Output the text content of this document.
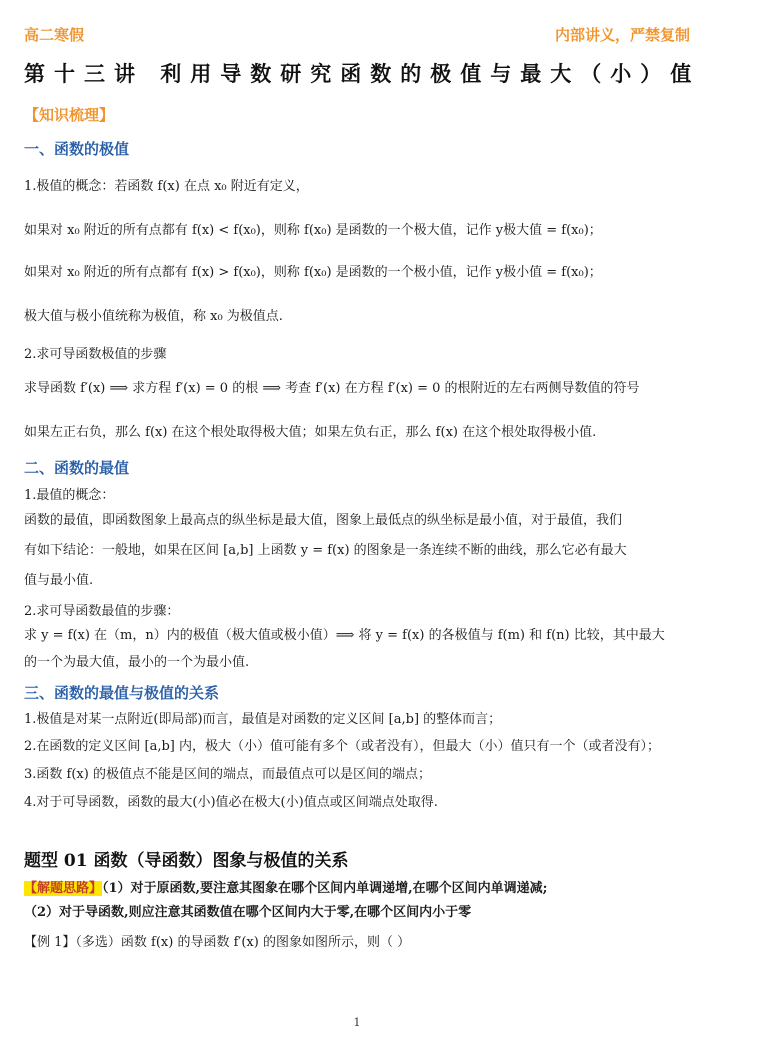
高二寒假	内部讲义，严禁复制
第十三讲 利用导数研究函数的极值与最大（小）值
【知识梳理】
一、函数的极值
1.极值的概念：若函数 f(x) 在点 x₀ 附近有定义，
如果对 x₀ 附近的所有点都有 f(x) < f(x₀)，则称 f(x₀) 是函数的一个极大值，记作 y极大值 = f(x₀)；
如果对 x₀ 附近的所有点都有 f(x) > f(x₀)，则称 f(x₀) 是函数的一个极小值，记作 y极小值 = f(x₀)；
极大值与极小值统称为极值，称 x₀ 为极值点.
2.求可导函数极值的步骤
求导函数 f′(x) ⟹ 求方程 f′(x) = 0 的根 ⟹ 考查 f′(x) 在方程 f′(x) = 0 的根附近的左右两侧导数值的符号
如果左正右负，那么 f(x) 在这个根处取得极大值；如果左负右正，那么 f(x) 在这个根处取得极小值.
二、函数的最值
1.最值的概念：
函数的最值，即函数图象上最高点的纵坐标是最大值，图象上最低点的纵坐标是最小值，对于最值，我们
有如下结论：一般地，如果在区间 [a,b] 上函数 y = f(x) 的图象是一条连续不断的曲线，那么它必有最大
值与最小值.
2.求可导函数最值的步骤：
求 y = f(x) 在（m，n）内的极值（极大值或极小值）⟹ 将 y = f(x) 的各极值与 f(m) 和 f(n) 比较，其中最大
的一个为最大值，最小的一个为最小值.
三、函数的最值与极值的关系
1.极值是对某一点附近(即局部)而言，最值是对函数的定义区间 [a,b] 的整体而言；
2.在函数的定义区间 [a,b] 内，极大（小）值可能有多个（或者没有），但最大（小）值只有一个（或者没有）；
3.函数 f(x) 的极值点不能是区间的端点，而最值点可以是区间的端点；
4.对于可导函数，函数的最大(小)值必在极大(小)值点或区间端点处取得.
题型 01 函数（导函数）图象与极值的关系
【解题思路】（1）对于原函数,要注意其图象在哪个区间内单调递增,在哪个区间内单调递减;
（2）对于导函数,则应注意其函数值在哪个区间内大于零,在哪个区间内小于零
【例 1】（多选）函数 f(x) 的导函数 f′(x) 的图象如图所示，则（ ）
1
